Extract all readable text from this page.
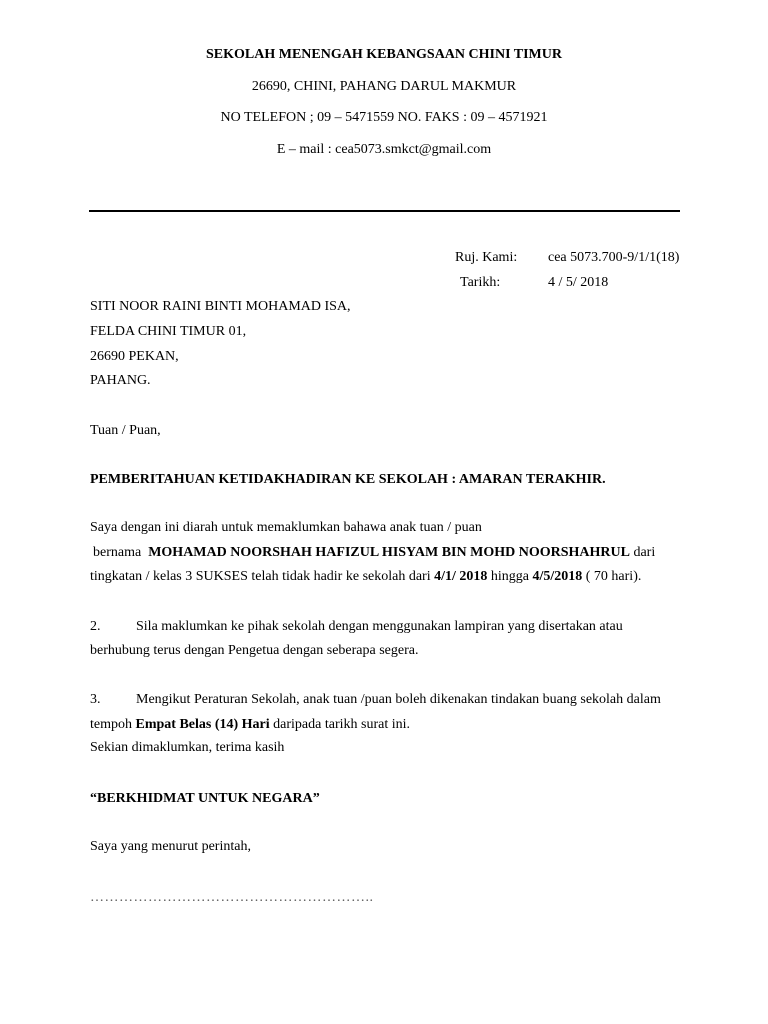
SEKOLAH MENENGAH KEBANGSAAN CHINI TIMUR
26690, CHINI, PAHANG DARUL MAKMUR
NO TELEFON ; 09 – 5471559 NO. FAKS : 09 – 4571921
E – mail : cea5073.smkct@gmail.com
Ruj. Kami: cea 5073.700-9/1/1(18)
Tarikh:	4 / 5/ 2018
SITI NOOR RAINI BINTI MOHAMAD ISA,
FELDA CHINI TIMUR 01,
26690 PEKAN,
PAHANG.
Tuan / Puan,
PEMBERITAHUAN KETIDAKHADIRAN KE SEKOLAH : AMARAN TERAKHIR.
Saya dengan ini diarah untuk memaklumkan bahawa anak tuan / puan
bernama MOHAMAD NOORSHAH HAFIZUL HISYAM BIN MOHD NOORSHAHRUL dari
tingkatan / kelas 3 SUKSES telah tidak hadir ke sekolah dari 4/1/ 2018 hingga 4/5/2018 ( 70 hari).
2.	Sila maklumkan ke pihak sekolah dengan menggunakan lampiran yang disertakan atau
berhubung terus dengan Pengetua dengan seberapa segera.
3.	Mengikut Peraturan Sekolah, anak tuan /puan boleh dikenakan tindakan buang sekolah dalam
tempoh Empat Belas (14) Hari daripada tarikh surat ini.
Sekian dimaklumkan, terima kasih
“BERKHIDMAT UNTUK NEGARA”
Saya yang menurut perintah,
…………………………………………………..
